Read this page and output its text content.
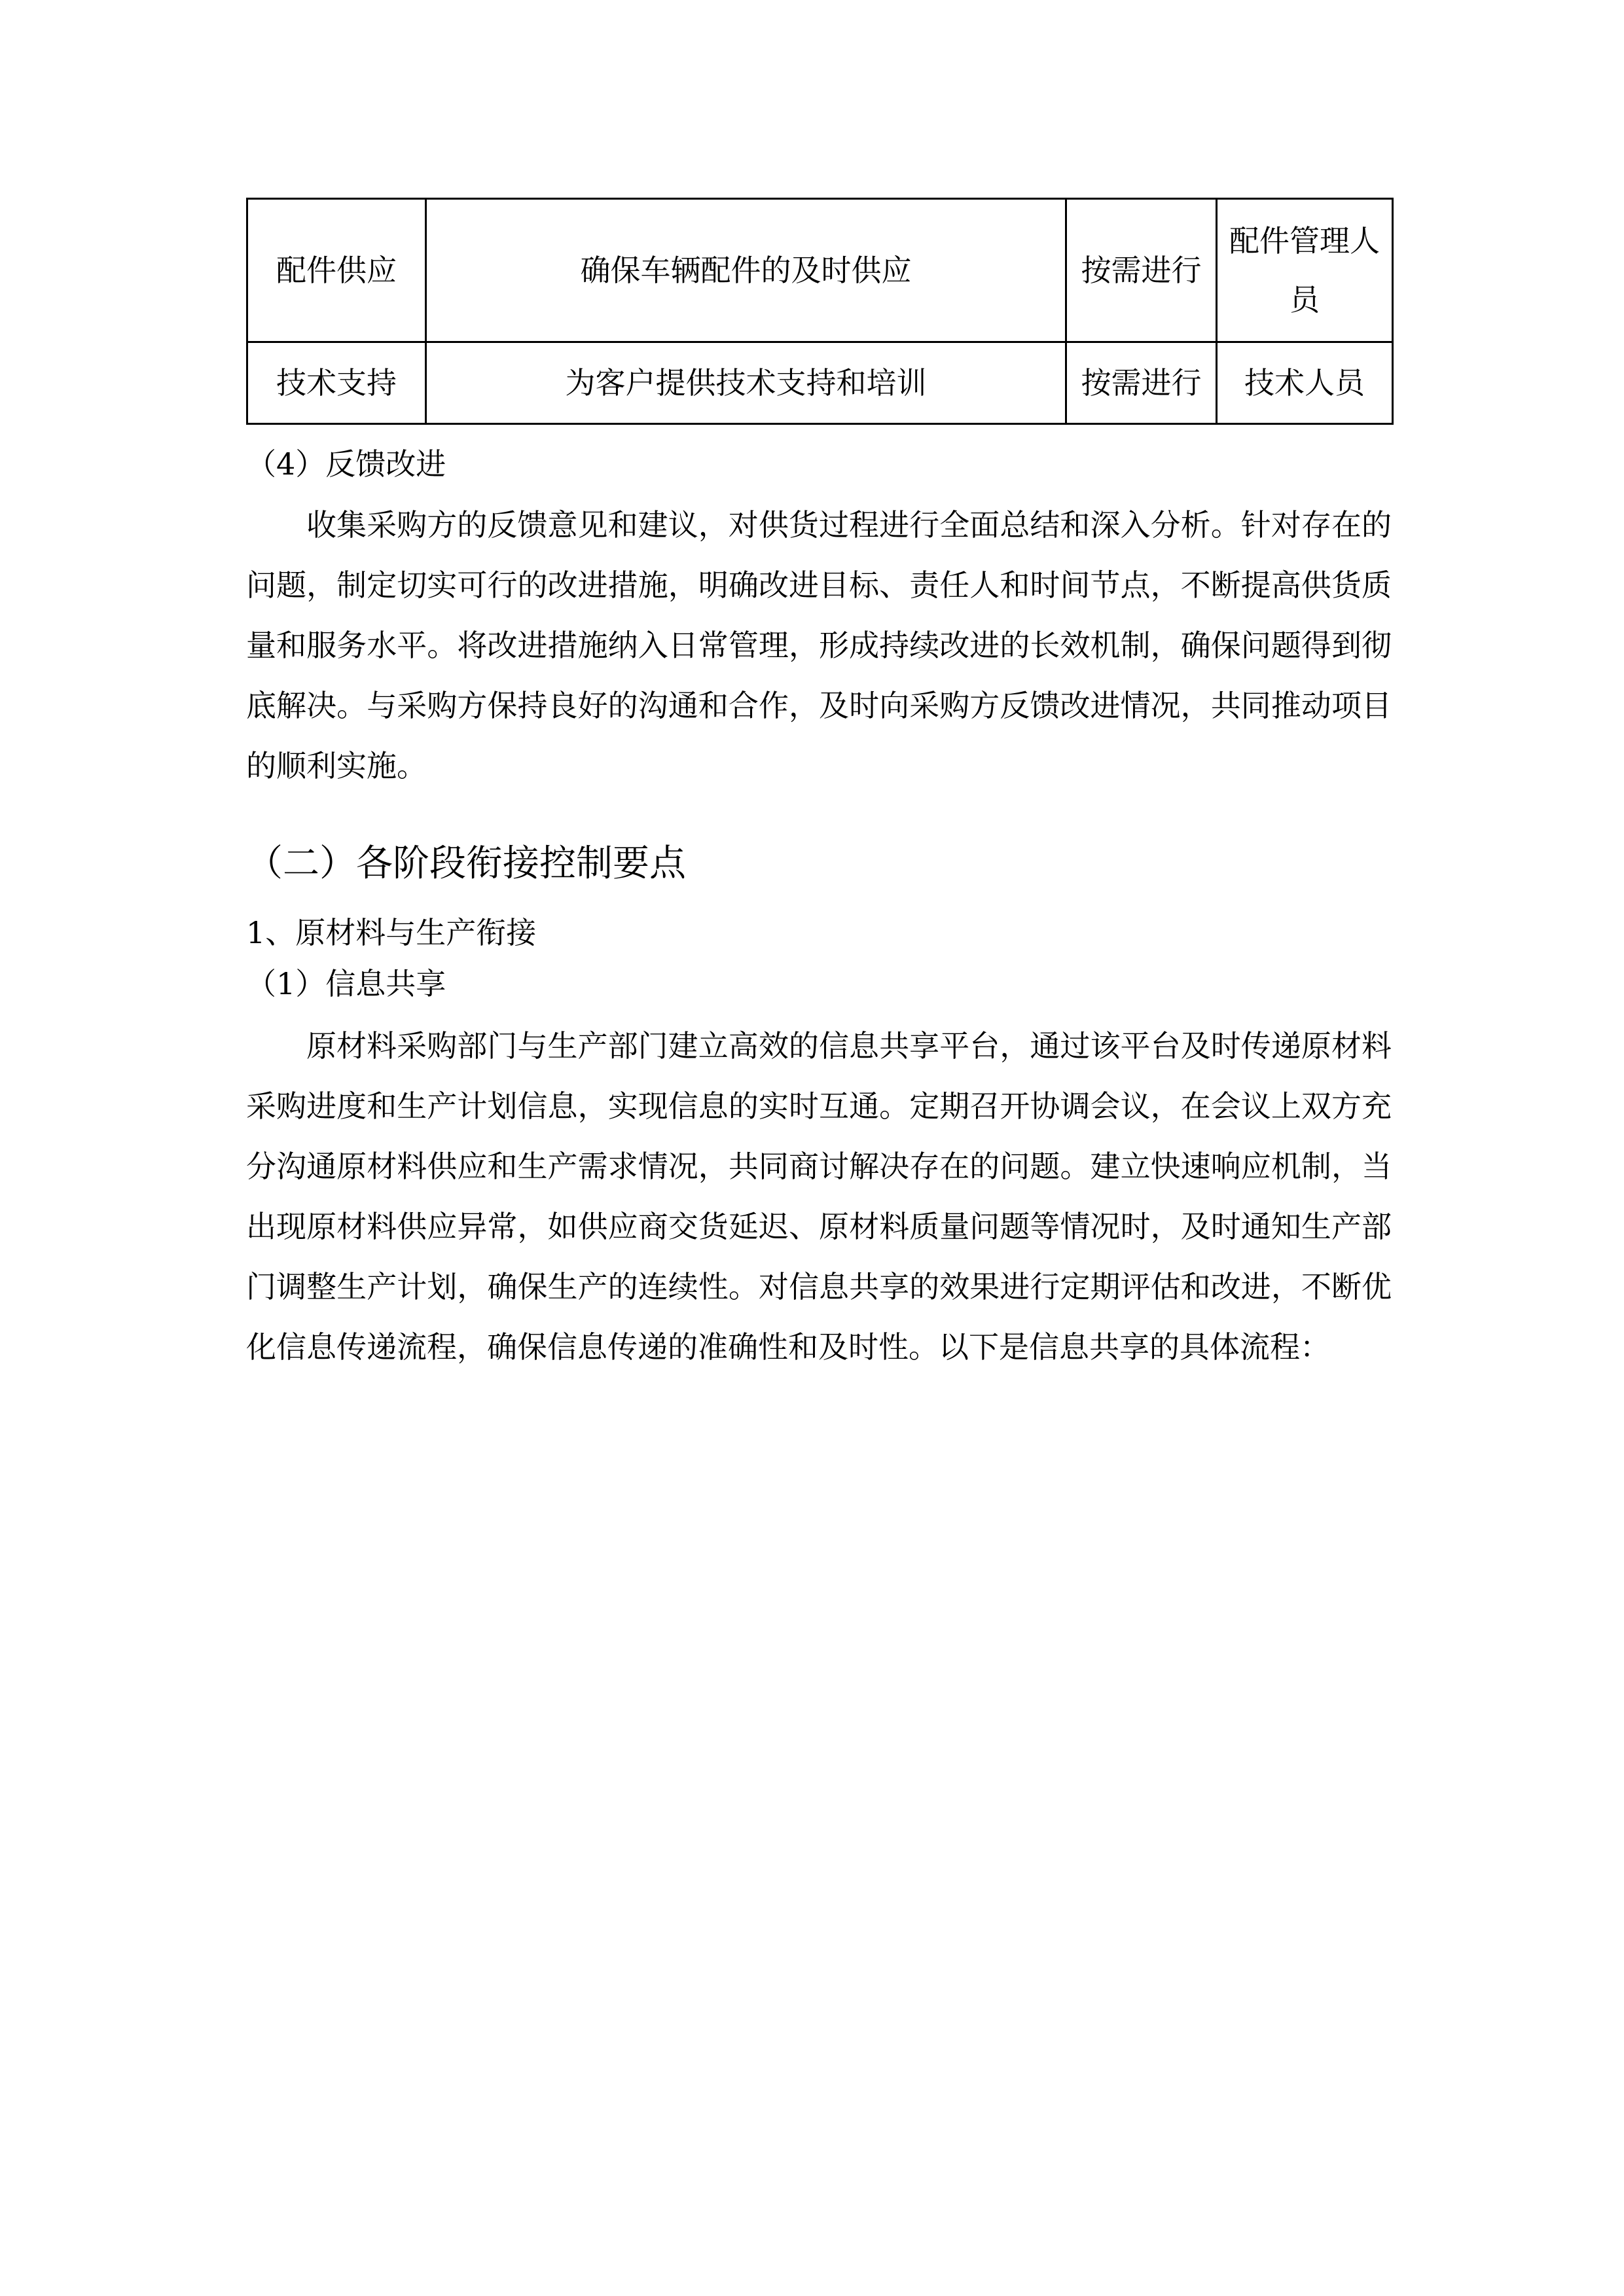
配件供应	确保车辆配件的及时供应	按需进行	配件管理人员
技术支持	为客户提供技术支持和培训	按需进行	技术人员
（4）反馈改进

收集采购方的反馈意见和建议，对供货过程进行全面总结和深入分析。针对存在的问题，制定切实可行的改进措施，明确改进目标、责任人和时间节点，不断提高供货质量和服务水平。将改进措施纳入日常管理，形成持续改进的长效机制，确保问题得到彻底解决。与采购方保持良好的沟通和合作，及时向采购方反馈改进情况，共同推动项目的顺利实施。

（二）各阶段衔接控制要点
1、原材料与生产衔接
（1）信息共享

原材料采购部门与生产部门建立高效的信息共享平台，通过该平台及时传递原材料采购进度和生产计划信息，实现信息的实时互通。定期召开协调会议，在会议上双方充分沟通原材料供应和生产需求情况，共同商讨解决存在的问题。建立快速响应机制，当出现原材料供应异常，如供应商交货延迟、原材料质量问题等情况时，及时通知生产部门调整生产计划，确保生产的连续性。对信息共享的效果进行定期评估和改进，不断优化信息传递流程，确保信息传递的准确性和及时性。以下是信息共享的具体流程：
